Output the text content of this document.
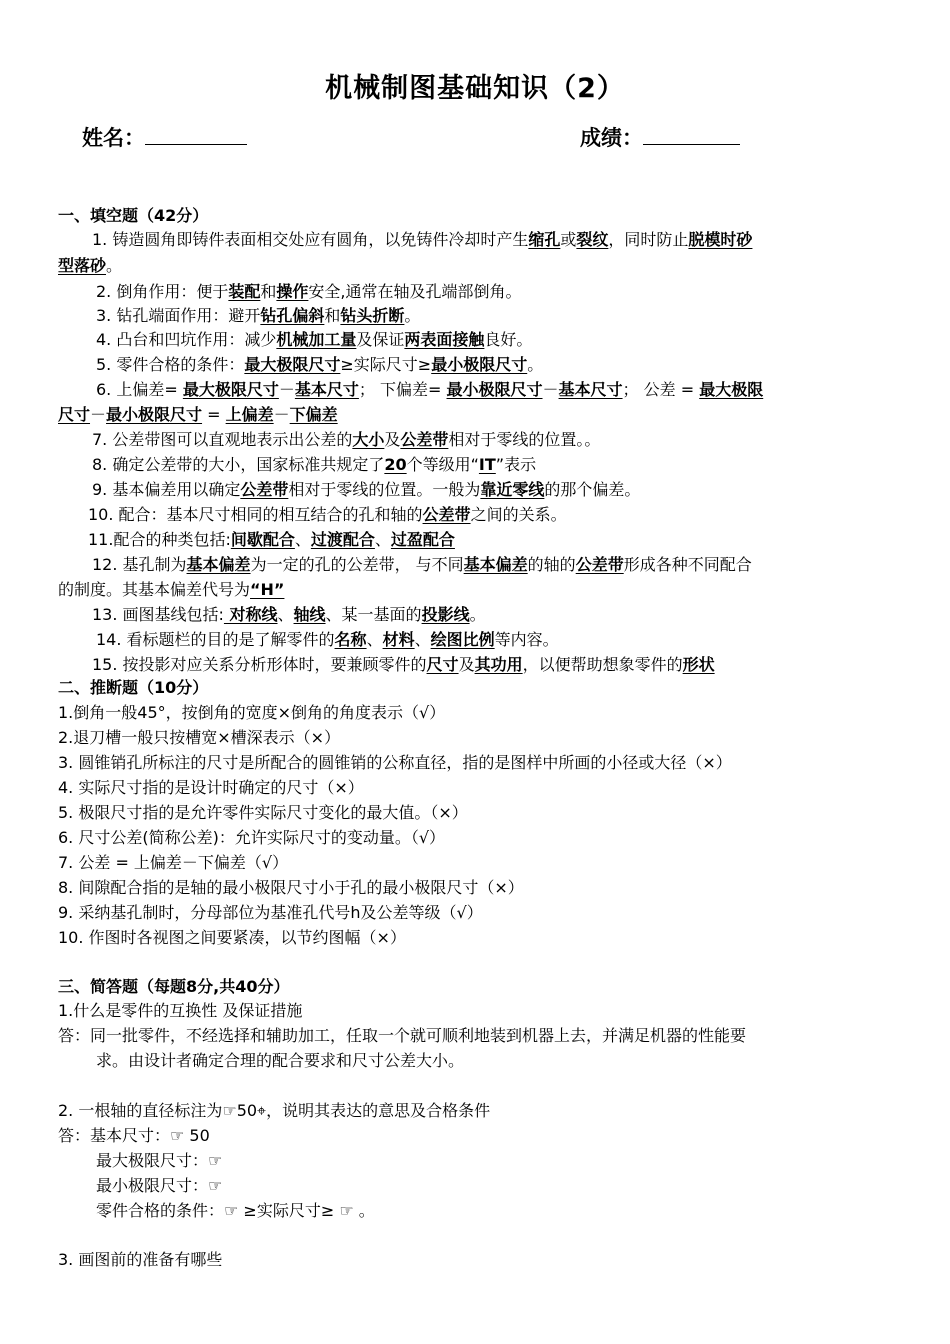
机械制图基础知识（2）
姓名：	成绩：
1. 铸造圆角即铸件表面相交处应有圆角，以免铸件冷却时产生缩孔或裂纹，同时防止脱模时砂
型落砂。
2. 倒角作用：便于装配和操作安全,通常在轴及孔端部倒角。
3. 钻孔端面作用：避开钻孔偏斜和钻头折断。
4. 凸台和凹坑作用：减少机械加工量及保证两表面接触良好。
5. 零件合格的条件：最大极限尺寸≥实际尺寸≥最小极限尺寸。
6. 上偏差= 最大极限尺寸－基本尺寸； 下偏差= 最小极限尺寸－基本尺寸； 公差 = 最大极限
尺寸－最小极限尺寸 = 上偏差－下偏差
7. 公差带图可以直观地表示出公差的大小及公差带相对于零线的位置。。
8. 确定公差带的大小，国家标准共规定了20个等级用“IT”表示
9. 基本偏差用以确定公差带相对于零线的位置。一般为靠近零线的那个偏差。
10. 配合：基本尺寸相同的相互结合的孔和轴的公差带之间的关系。
11.配合的种类包括:间歇配合、过渡配合、过盈配合
12. 基孔制为基本偏差为一定的孔的公差带， 与不同基本偏差的轴的公差带形成各种不同配合
的制度。其基本偏差代号为“H”
13. 画图基线包括: 对称线、轴线、某一基面的投影线。
14. 看标题栏的目的是了解零件的名称、材料、绘图比例等内容。
15. 按投影对应关系分析形体时，要兼顾零件的尺寸及其功用，以便帮助想象零件的形状
1.倒角一般45°，按倒角的宽度×倒角的角度表示（√）
2.退刀槽一般只按槽宽×槽深表示（×）
3. 圆锥销孔所标注的尺寸是所配合的圆锥销的公称直径，指的是图样中所画的小径或大径（×）
4. 实际尺寸指的是设计时确定的尺寸（×）
5. 极限尺寸指的是允许零件实际尺寸变化的最大值。（×）
6. 尺寸公差(简称公差)：允许实际尺寸的变动量。（√）
7. 公差 = 上偏差－下偏差（√）
8. 间隙配合指的是轴的最小极限尺寸小于孔的最小极限尺寸（×）
9. 采纳基孔制时，分母部位为基准孔代号h及公差等级（√）
10. 作图时各视图之间要紧凑，以节约图幅（×）
一、填空题（42分）
二、推断题（10分）
三、简答题（每题8分,共40分）
1.什么是零件的互换性 及保证措施
答：同一批零件，不经选择和辅助加工，任取一个就可顺利地装到机器上去，并满足机器的性能要
求。由设计者确定合理的配合要求和尺寸公差大小。
2. 一根轴的直径标注为☞50⌖，说明其表达的意思及合格条件
答：基本尺寸：☞ 50
最大极限尺寸：☞
最小极限尺寸：☞
零件合格的条件：☞ ≥实际尺寸≥ ☞ 。
3. 画图前的准备有哪些
